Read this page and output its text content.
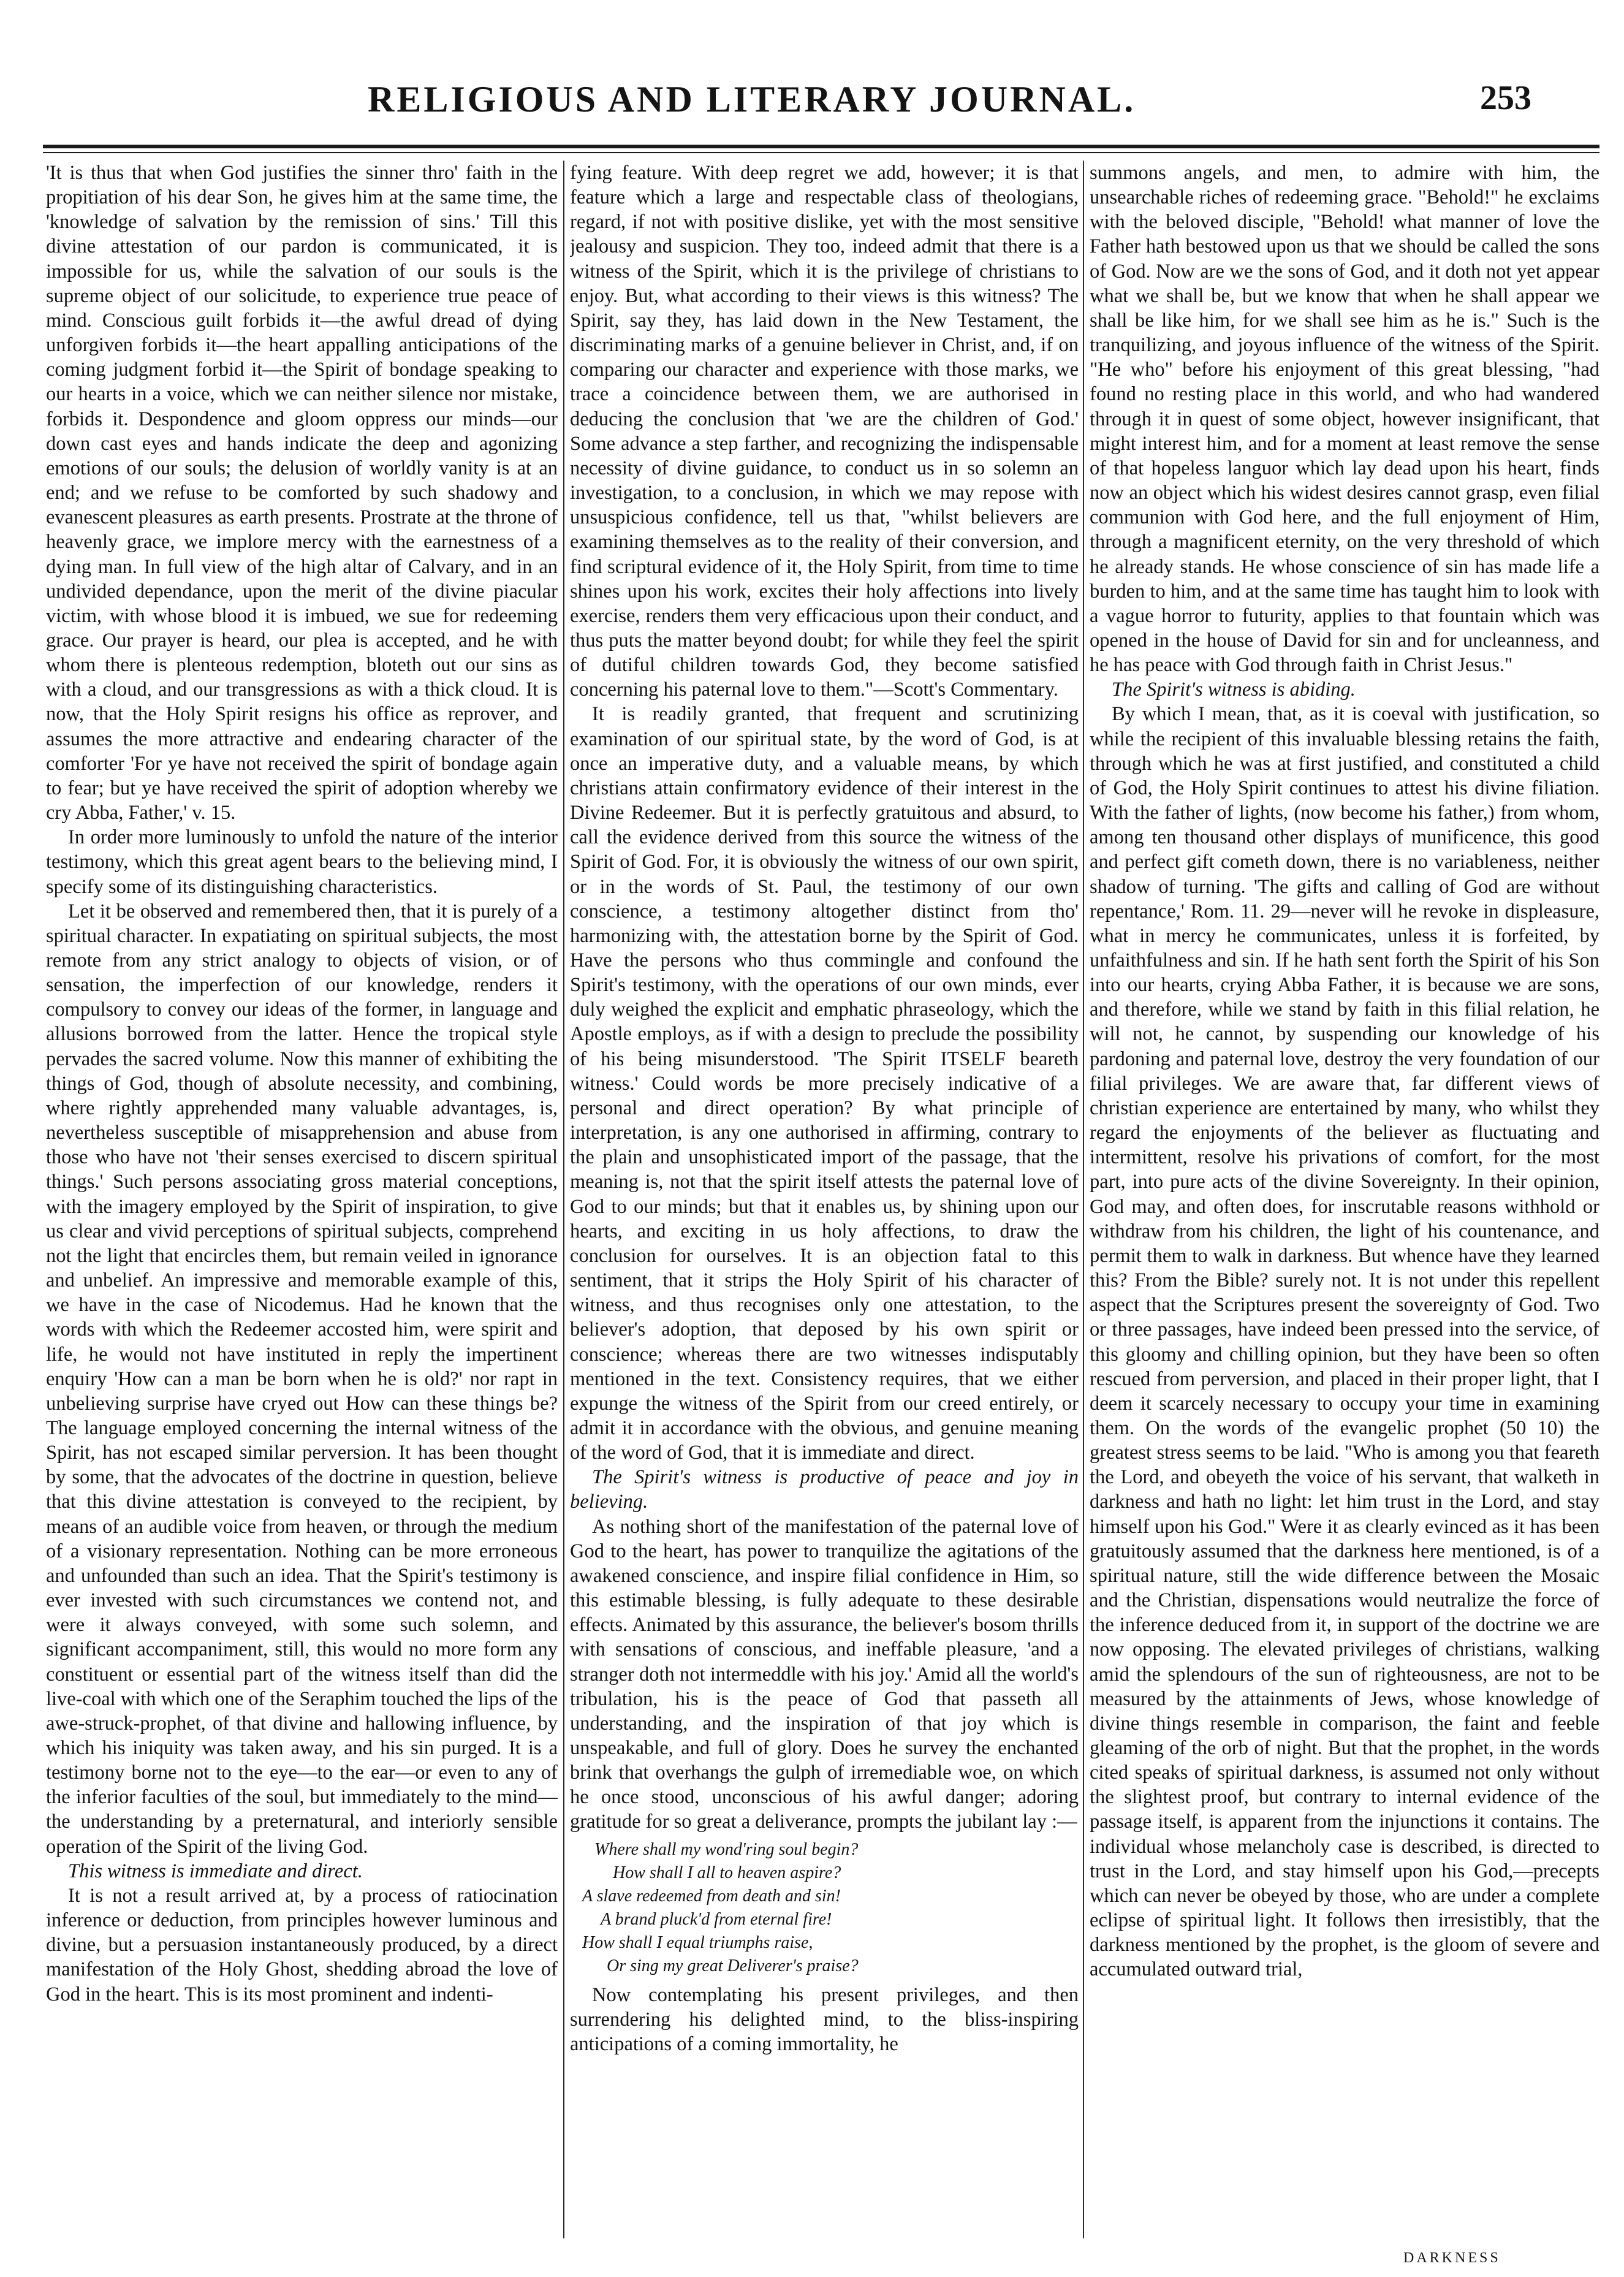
RELIGIOUS AND LITERARY JOURNAL.	253

'It is thus that when God justifies the sinner thro' faith in the propitiation of his dear Son, he gives him at the same time, the 'knowledge of salvation by the remission of sins.' Till this divine attestation of our pardon is communicated, it is impossible for us, while the salvation of our souls is the supreme object of our solicitude, to experience true peace of mind. Conscious guilt forbids it—the awful dread of dying unforgiven forbids it—the heart appalling anticipations of the coming judgment forbid it—the Spirit of bondage speaking to our hearts in a voice, which we can neither silence nor mistake, forbids it. Despondence and gloom oppress our minds—our down cast eyes and hands indicate the deep and agonizing emotions of our souls; the delusion of worldly vanity is at an end; and we refuse to be comforted by such shadowy and evanescent pleasures as earth presents. Prostrate at the throne of heavenly grace, we implore mercy with the earnestness of a dying man. In full view of the high altar of Calvary, and in an undivided dependance, upon the merit of the divine piacular victim, with whose blood it is imbued, we sue for redeeming grace. Our prayer is heard, our plea is accepted, and he with whom there is plenteous redemption, bloteth out our sins as with a cloud, and our transgressions as with a thick cloud. It is now, that the Holy Spirit resigns his office as reprover, and assumes the more attractive and endearing character of the comforter 'For ye have not received the spirit of bondage again to fear; but ye have received the spirit of adoption whereby we cry Abba, Father,' v. 15.

In order more luminously to unfold the nature of the interior testimony, which this great agent bears to the believing mind, I specify some of its distinguishing characteristics.

Let it be observed and remembered then, that it is purely of a spiritual character. In expatiating on spiritual subjects, the most remote from any strict analogy to objects of vision, or of sensation, the imperfection of our knowledge, renders it compulsory to convey our ideas of the former, in language and allusions borrowed from the latter. Hence the tropical style pervades the sacred volume. Now this manner of exhibiting the things of God, though of absolute necessity, and combining, where rightly apprehended many valuable advantages, is, nevertheless susceptible of misapprehension and abuse from those who have not 'their senses exercised to discern spiritual things.' Such persons associating gross material conceptions, with the imagery employed by the Spirit of inspiration, to give us clear and vivid perceptions of spiritual subjects, comprehend not the light that encircles them, but remain veiled in ignorance and unbelief. An impressive and memorable example of this, we have in the case of Nicodemus. Had he known that the words with which the Redeemer accosted him, were spirit and life, he would not have instituted in reply the impertinent enquiry 'How can a man be born when he is old?' nor rapt in unbelieving surprise have cryed out How can these things be? The language employed concerning the internal witness of the Spirit, has not escaped similar perversion. It has been thought by some, that the advocates of the doctrine in question, believe that this divine attestation is conveyed to the recipient, by means of an audible voice from heaven, or through the medium of a visionary representation. Nothing can be more erroneous and unfounded than such an idea. That the Spirit's testimony is ever invested with such circumstances we contend not, and were it always conveyed, with some such solemn, and significant accompaniment, still, this would no more form any constituent or essential part of the witness itself than did the live-coal with which one of the Seraphim touched the lips of the awe-struck-prophet, of that divine and hallowing influence, by which his iniquity was taken away, and his sin purged. It is a testimony borne not to the eye—to the ear—or even to any of the inferior faculties of the soul, but immediately to the mind—the understanding by a preternatural, and interiorly sensible operation of the Spirit of the living God.

This witness is immediate and direct.

It is not a result arrived at, by a process of ratiocination inference or deduction, from principles however luminous and divine, but a persuasion instantaneously produced, by a direct manifestation of the Holy Ghost, shedding abroad the love of God in the heart. This is its most prominent and indenti-

fying feature. With deep regret we add, however; it is that feature which a large and respectable class of theologians, regard, if not with positive dislike, yet with the most sensitive jealousy and suspicion. They too, indeed admit that there is a witness of the Spirit, which it is the privilege of christians to enjoy. But, what according to their views is this witness? The Spirit, say they, has laid down in the New Testament, the discriminating marks of a genuine believer in Christ, and, if on comparing our character and experience with those marks, we trace a coincidence between them, we are authorised in deducing the conclusion that 'we are the children of God.' Some advance a step farther, and recognizing the indispensable necessity of divine guidance, to conduct us in so solemn an investigation, to a conclusion, in which we may repose with unsuspicious confidence, tell us that, "whilst believers are examining themselves as to the reality of their conversion, and find scriptural evidence of it, the Holy Spirit, from time to time shines upon his work, excites their holy affections into lively exercise, renders them very efficacious upon their conduct, and thus puts the matter beyond doubt; for while they feel the spirit of dutiful children towards God, they become satisfied concerning his paternal love to them."—Scott's Commentary.

It is readily granted, that frequent and scrutinizing examination of our spiritual state, by the word of God, is at once an imperative duty, and a valuable means, by which christians attain confirmatory evidence of their interest in the Divine Redeemer. But it is perfectly gratuitous and absurd, to call the evidence derived from this source the witness of the Spirit of God. For, it is obviously the witness of our own spirit, or in the words of St. Paul, the testimony of our own conscience, a testimony altogether distinct from tho' harmonizing with, the attestation borne by the Spirit of God. Have the persons who thus commingle and confound the Spirit's testimony, with the operations of our own minds, ever duly weighed the explicit and emphatic phraseology, which the Apostle employs, as if with a design to preclude the possibility of his being misunderstood. 'The Spirit ITSELF beareth witness.' Could words be more precisely indicative of a personal and direct operation? By what principle of interpretation, is any one authorised in affirming, contrary to the plain and unsophisticated import of the passage, that the meaning is, not that the spirit itself attests the paternal love of God to our minds; but that it enables us, by shining upon our hearts, and exciting in us holy affections, to draw the conclusion for ourselves. It is an objection fatal to this sentiment, that it strips the Holy Spirit of his character of witness, and thus recognises only one attestation, to the believer's adoption, that deposed by his own spirit or conscience; whereas there are two witnesses indisputably mentioned in the text. Consistency requires, that we either expunge the witness of the Spirit from our creed entirely, or admit it in accordance with the obvious, and genuine meaning of the word of God, that it is immediate and direct.

The Spirit's witness is productive of peace and joy in believing.

As nothing short of the manifestation of the paternal love of God to the heart, has power to tranquilize the agitations of the awakened conscience, and inspire filial confidence in Him, so this estimable blessing, is fully adequate to these desirable effects. Animated by this assurance, the believer's bosom thrills with sensations of conscious, and ineffable pleasure, 'and a stranger doth not intermeddle with his joy.' Amid all the world's tribulation, his is the peace of God that passeth all understanding, and the inspiration of that joy which is unspeakable, and full of glory. Does he survey the enchanted brink that overhangs the gulph of irremediable woe, on which he once stood, unconscious of his awful danger; adoring gratitude for so great a deliverance, prompts the jubilant lay :—

Where shall my wond'ring soul begin?
How shall I all to heaven aspire?
A slave redeemed from death and sin!
A brand pluck'd from eternal fire!
How shall I equal triumphs raise,
Or sing my great Deliverer's praise?

Now contemplating his present privileges, and then surrendering his delighted mind, to the bliss-inspiring anticipations of a coming immortality, he

summons angels, and men, to admire with him, the unsearchable riches of redeeming grace. "Behold!" he exclaims with the beloved disciple, "Behold! what manner of love the Father hath bestowed upon us that we should be called the sons of God. Now are we the sons of God, and it doth not yet appear what we shall be, but we know that when he shall appear we shall be like him, for we shall see him as he is." Such is the tranquilizing, and joyous influence of the witness of the Spirit. "He who" before his enjoyment of this great blessing, "had found no resting place in this world, and who had wandered through it in quest of some object, however insignificant, that might interest him, and for a moment at least remove the sense of that hopeless languor which lay dead upon his heart, finds now an object which his widest desires cannot grasp, even filial communion with God here, and the full enjoyment of Him, through a magnificent eternity, on the very threshold of which he already stands. He whose conscience of sin has made life a burden to him, and at the same time has taught him to look with a vague horror to futurity, applies to that fountain which was opened in the house of David for sin and for uncleanness, and he has peace with God through faith in Christ Jesus."

The Spirit's witness is abiding.

By which I mean, that, as it is coeval with justification, so while the recipient of this invaluable blessing retains the faith, through which he was at first justified, and constituted a child of God, the Holy Spirit continues to attest his divine filiation. With the father of lights, (now become his father,) from whom, among ten thousand other displays of munificence, this good and perfect gift cometh down, there is no variableness, neither shadow of turning. 'The gifts and calling of God are without repentance,' Rom. 11. 29—never will he revoke in displeasure, what in mercy he communicates, unless it is forfeited, by unfaithfulness and sin. If he hath sent forth the Spirit of his Son into our hearts, crying Abba Father, it is because we are sons, and therefore, while we stand by faith in this filial relation, he will not, he cannot, by suspending our knowledge of his pardoning and paternal love, destroy the very foundation of our filial privileges. We are aware that, far different views of christian experience are entertained by many, who whilst they regard the enjoyments of the believer as fluctuating and intermittent, resolve his privations of comfort, for the most part, into pure acts of the divine Sovereignty. In their opinion, God may, and often does, for inscrutable reasons withhold or withdraw from his children, the light of his countenance, and permit them to walk in darkness. But whence have they learned this? From the Bible? surely not. It is not under this repellent aspect that the Scriptures present the sovereignty of God. Two or three passages, have indeed been pressed into the service, of this gloomy and chilling opinion, but they have been so often rescued from perversion, and placed in their proper light, that I deem it scarcely necessary to occupy your time in examining them. On the words of the evangelic prophet (50 10) the greatest stress seems to be laid. "Who is among you that feareth the Lord, and obeyeth the voice of his servant, that walketh in darkness and hath no light: let him trust in the Lord, and stay himself upon his God." Were it as clearly evinced as it has been gratuitously assumed that the darkness here mentioned, is of a spiritual nature, still the wide difference between the Mosaic and the Christian, dispensations would neutralize the force of the inference deduced from it, in support of the doctrine we are now opposing. The elevated privileges of christians, walking amid the splendours of the sun of righteousness, are not to be measured by the attainments of Jews, whose knowledge of divine things resemble in comparison, the faint and feeble gleaming of the orb of night. But that the prophet, in the words cited speaks of spiritual darkness, is assumed not only without the slightest proof, but contrary to internal evidence of the passage itself, is apparent from the injunctions it contains. The individual whose melancholy case is described, is directed to trust in the Lord, and stay himself upon his God,—precepts which can never be obeyed by those, who are under a complete eclipse of spiritual light. It follows then irresistibly, that the darkness mentioned by the prophet, is the gloom of severe and accumulated outward trial,

DARKNESS
